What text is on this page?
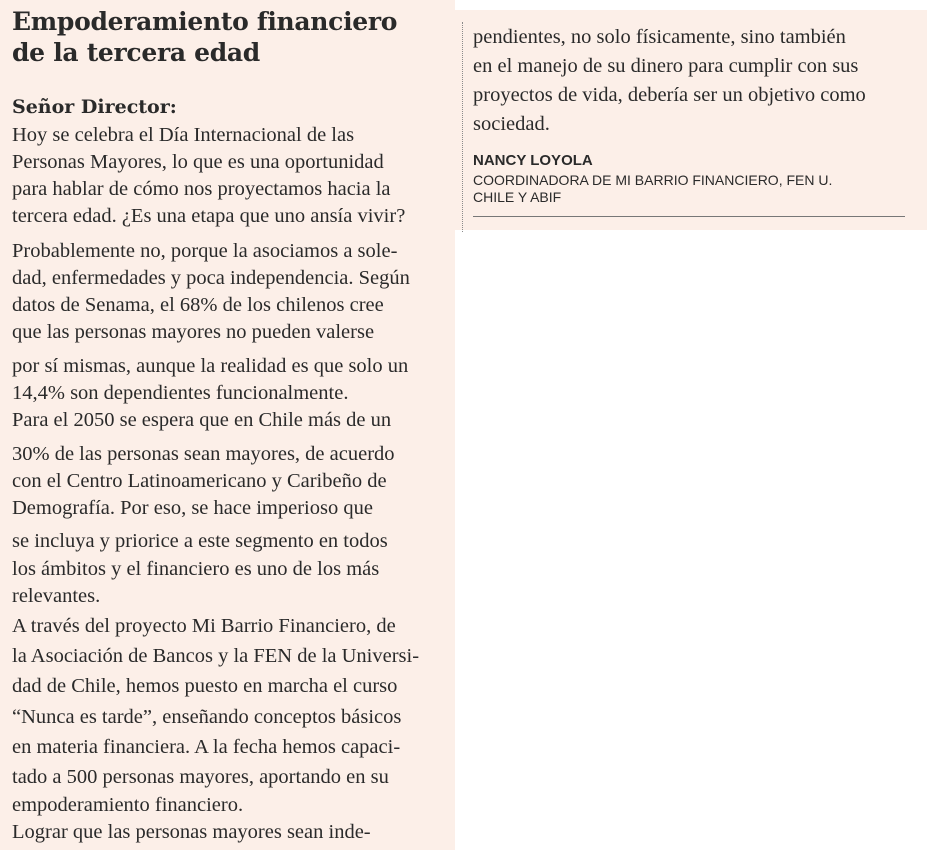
Empoderamiento financiero
de la tercera edad
Señor Director:
Hoy se celebra el Día Internacional de las
Personas Mayores, lo que es una oportunidad
para hablar de cómo nos proyectamos hacia la
tercera edad. ¿Es una etapa que uno ansía vivir?
Probablemente no, porque la asociamos a sole-
dad, enfermedades y poca independencia. Según
datos de Senama, el 68% de los chilenos cree
que las personas mayores no pueden valerse
por sí mismas, aunque la realidad es que solo un
14,4% son dependientes funcionalmente.
Para el 2050 se espera que en Chile más de un
30% de las personas sean mayores, de acuerdo
con el Centro Latinoamericano y Caribeño de
Demografía. Por eso, se hace imperioso que
se incluya y priorice a este segmento en todos
los ámbitos y el financiero es uno de los más
relevantes.
A través del proyecto Mi Barrio Financiero, de
la Asociación de Bancos y la FEN de la Universi-
dad de Chile, hemos puesto en marcha el curso
“Nunca es tarde”, enseñando conceptos básicos
en materia financiera. A la fecha hemos capaci-
tado a 500 personas mayores, aportando en su
empoderamiento financiero.
Lograr que las personas mayores sean inde-
pendientes, no solo físicamente, sino también
en el manejo de su dinero para cumplir con sus
proyectos de vida, debería ser un objetivo como
sociedad.
NANCY LOYOLA
COORDINADORA DE MI BARRIO FINANCIERO, FEN U.
CHILE Y ABIF
